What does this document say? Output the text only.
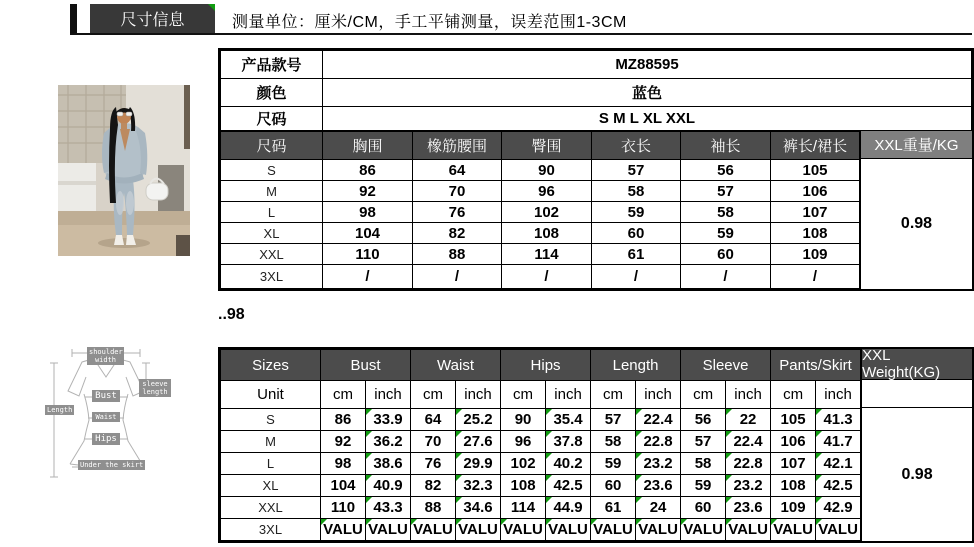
尺寸信息	测量单位：厘米/CM，手工平铺测量，误差范围1-3CM
产品款号	MZ88595
颜色	蓝色
尺码	S M L XL XXL
尺码	胸围	橡筋腰围	臀围	衣长	袖长	裤长/裙长
S	86	64	90	57	56	105
M	92	70	96	58	57	106
L	98	76	102	59	58	107
XL	104	82	108	60	59	108
XXL	110	88	114	61	60	109
3XL	/	/	/	/	/	/
XXL重量/KG
0.98
..98
shoulder width
sleeve length
Bust
Waist
Hips
Length
Under the skirt
Sizes	Bust		Waist		Hips		Length		Sleeve		Pants/Skirt	
Unit	cm	inch	cm	inch	cm	inch	cm	inch	cm	inch	cm	inch
S	86	33.9	64	25.2	90	35.4	57	22.4	56	22	105	41.3
M	92	36.2	70	27.6	96	37.8	58	22.8	57	22.4	106	41.7
L	98	38.6	76	29.9	102	40.2	59	23.2	58	22.8	107	42.1
XL	104	40.9	82	32.3	108	42.5	60	23.6	59	23.2	108	42.5
XXL	110	43.3	88	34.6	114	44.9	61	24	60	23.6	109	42.9
3XL	VALU	VALU	VALU	VALU	VALU	VALU	VALU	VALU	VALU	VALU	VALU	VALU
XXL Weight(KG)
0.98
